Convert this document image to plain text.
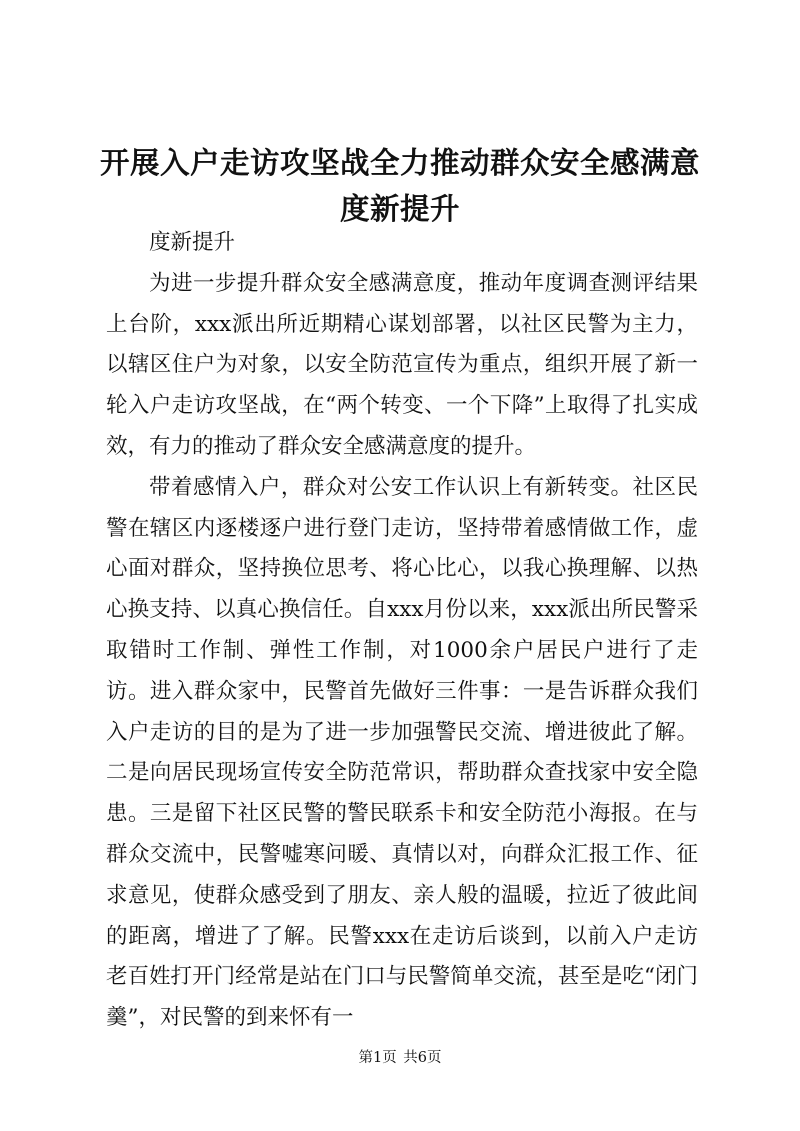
开展入户走访攻坚战全力推动群众安全感满意度新提升

度新提升

为进一步提升群众安全感满意度，推动年度调查测评结果上台阶，xxx派出所近期精心谋划部署，以社区民警为主力，以辖区住户为对象，以安全防范宣传为重点，组织开展了新一轮入户走访攻坚战，在“两个转变、一个下降”上取得了扎实成效，有力的推动了群众安全感满意度的提升。

带着感情入户，群众对公安工作认识上有新转变。社区民警在辖区内逐楼逐户进行登门走访，坚持带着感情做工作，虚心面对群众，坚持换位思考、将心比心，以我心换理解、以热心换支持、以真心换信任。自xxx月份以来，xxx派出所民警采取错时工作制、弹性工作制，对1000余户居民户进行了走访。进入群众家中，民警首先做好三件事：一是告诉群众我们入户走访的目的是为了进一步加强警民交流、增进彼此了解。二是向居民现场宣传安全防范常识，帮助群众查找家中安全隐患。三是留下社区民警的警民联系卡和安全防范小海报。在与群众交流中，民警嘘寒问暖、真情以对，向群众汇报工作、征求意见，使群众感受到了朋友、亲人般的温暖，拉近了彼此间的距离，增进了了解。民警xxx在走访后谈到，以前入户走访老百姓打开门经常是站在门口与民警简单交流，甚至是吃“闭门羹”，对民警的到来怀有一

第1页 共6页
